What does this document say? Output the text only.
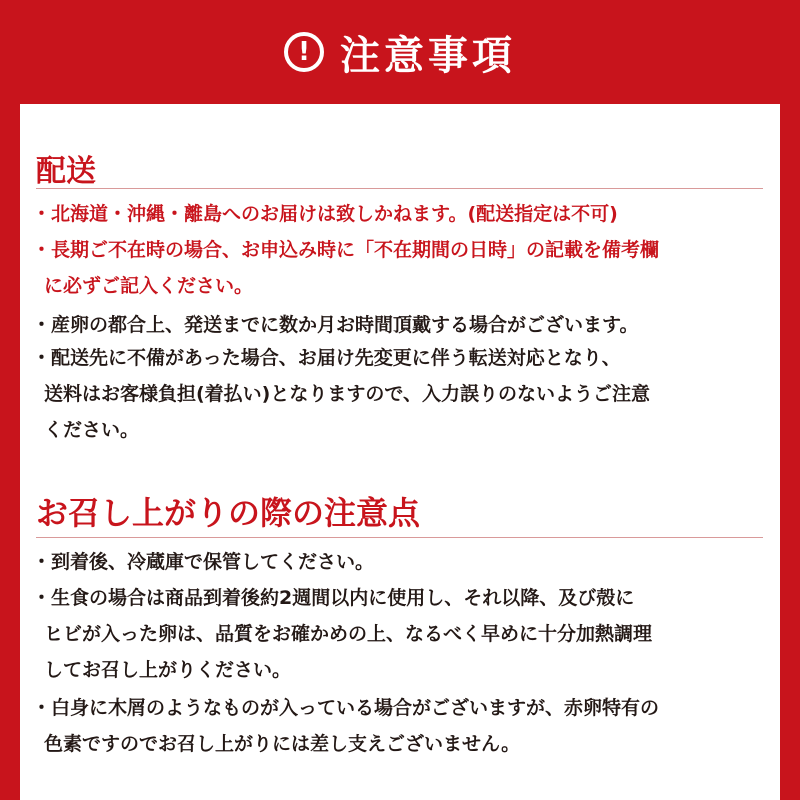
! 注意事項
配送
・北海道・沖縄・離島へのお届けは致しかねます。(配送指定は不可)
・長期ご不在時の場合、お申込み時に「不在期間の日時」の記載を備考欄
に必ずご記入ください。
・産卵の都合上、発送までに数か月お時間頂戴する場合がございます。
・配送先に不備があった場合、お届け先変更に伴う転送対応となり、
送料はお客様負担(着払い)となりますので、入力誤りのないようご注意
ください。
お召し上がりの際の注意点
・到着後、冷蔵庫で保管してください。
・生食の場合は商品到着後約2週間以内に使用し、それ以降、及び殻に
ヒビが入った卵は、品質をお確かめの上、なるべく早めに十分加熱調理
してお召し上がりください。
・白身に木屑のようなものが入っている場合がございますが、赤卵特有の
色素ですのでお召し上がりには差し支えございません。
